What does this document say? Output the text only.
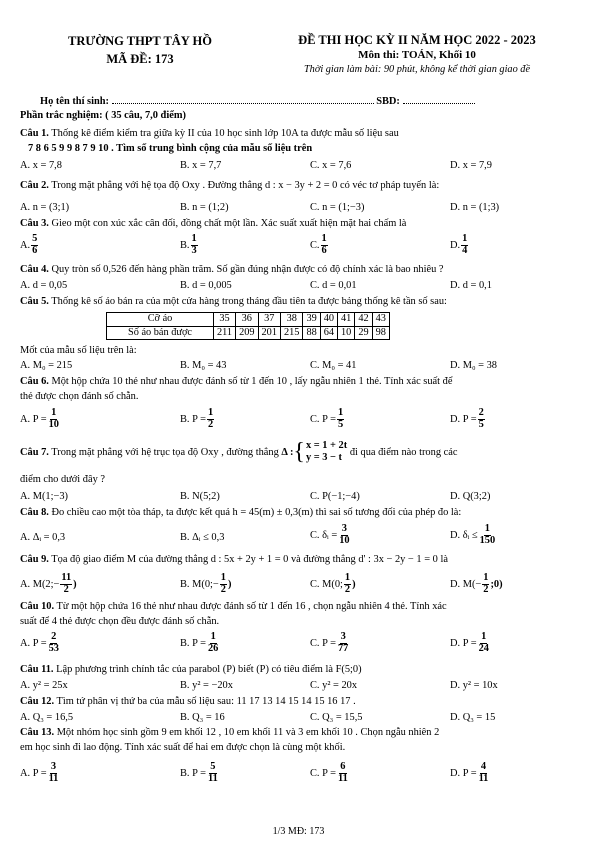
TRƯỜNG THPT TÂY HỒ
MÃ ĐỀ: 173
ĐỀ THI HỌC KỲ II NĂM HỌC 2022 - 2023
Môn thi: TOÁN, Khối 10
Thời gian làm bài: 90 phút, không kể thời gian giao đề
Họ tên thí sinh:	SBD:
Phần trắc nghiệm: ( 35 câu, 7,0 điểm)
Câu 1. Thống kê điểm kiểm tra giữa kỳ II của 10 học sinh lớp 10A ta được mẫu số liệu sau
7 8 6 5 9 9 8 7 9 10 . Tìm số trung bình cộng của mẫu số liệu trên
A. x = 7,8	B. x = 7,7	C. x = 7,6	D. x = 7,9
Câu 2. Trong mặt phẳng với hệ tọa độ Oxy . Đường thẳng d : x − 3y + 2 = 0 có véc tơ pháp tuyến là:
A. n = (3;1)	B. n = (1;2)	C. n = (1;−3)	D. n = (1;3)
Câu 3. Gieo một con xúc xắc cân đối, đồng chất một lần. Xác suất xuất hiện mặt hai chấm là
A. $\frac{5}{6}$	B. $\frac{1}{3}$	C. $\frac{1}{6}$	D. $\frac{1}{4}$
Câu 4. Quy tròn số 0,526 đến hàng phần trăm. Số gần đúng nhận được có độ chính xác là bao nhiêu ?
A. d = 0,05	B. d = 0,005	C. d = 0,01	D. d = 0,1
Câu 5. Thống kê số áo bán ra của một cửa hàng trong tháng đầu tiên ta được bảng thống kê tần số sau:
Cỡ áo	35	36	37	38	39	40	41	42	43
Số áo bán được	211	209	201	215	88	64	10	29	98
Mốt của mẫu số liệu trên là:
A. M₀ = 215	B. M₀ = 43	C. M₀ = 41	D. M₀ = 38
Câu 6. Một hộp chứa 10 thẻ như nhau được đánh số từ 1 đến 10 , lấy ngẫu nhiên 1 thẻ. Tính xác suất để
thẻ được chọn đánh số chẵn.
A. $P = \frac{1}{10}$	B. $P = \frac{1}{2}$	C. $P = \frac{1}{5}$	D. $P = \frac{2}{5}$
Câu 7. Trong mặt phẳng với hệ trục tọa độ Oxy , đường thẳng Δ :{x = 1 + 2t
y = 3 − t đi qua điểm nào trong các
điểm cho dưới đây ?
A. M(1;−3)	B. N(5;2)	C. P(−1;−4)	D. Q(3;2)
Câu 8. Đo chiều cao một tòa tháp, ta được kết quả h = 45(m) ± 0,3(m) thì sai số tương đối của phép đo là:
A. Δᵢ = 0,3	B. Δᵢ ≤ 0,3	C. δᵢ = $\frac{3}{10}$	D. δᵢ ≤ $\frac{1}{150}$
Câu 9. Tọa độ giao điểm M của đường thẳng d : 5x + 2y + 1 = 0 và đường thẳng d' : 3x − 2y − 1 = 0 là
A. M(2;− $\frac{11}{2}$ )	B. M(0;− $\frac{1}{2}$ )	C. M(0; $\frac{1}{2}$ )	D. $M(- \frac{1}{2}$ ;0)
Câu 10. Từ một hộp chứa 16 thẻ như nhau được đánh số từ 1 đến 16 , chọn ngẫu nhiên 4 thẻ. Tính xác
suất để 4 thẻ được chọn đều được đánh số chẵn.
A. $P = \frac{2}{53}$	B. $P = \frac{1}{26}$	C. $P = \frac{3}{77}$	D. $P = \frac{1}{24}$
Câu 11. Lập phương trình chính tắc của parabol (P) biết (P) có tiêu điểm là F(5;0)
A. y² = 25x	B. y² = −20x	C. y² = 20x	D. y² = 10x
Câu 12. Tìm tứ phân vị thứ ba của mẫu số liệu sau: 11 17 13 14 15 14 15 16 17 .
A. Q₃ = 16,5	B. Q₃ = 16	C. Q₃ = 15,5	D. Q₃ = 15
Câu 13. Một nhóm học sinh gồm 9 em khối 12 , 10 em khối 11 và 3 em khối 10 . Chọn ngẫu nhiên 2
em học sinh đi lao động. Tính xác suất để hai em được chọn là cùng một khối.
A. $P = \frac{3}{11}$	B. $P = \frac{5}{11}$	C. $P = \frac{6}{11}$	D. $P = \frac{4}{11}$
1/3 MĐ: 173
